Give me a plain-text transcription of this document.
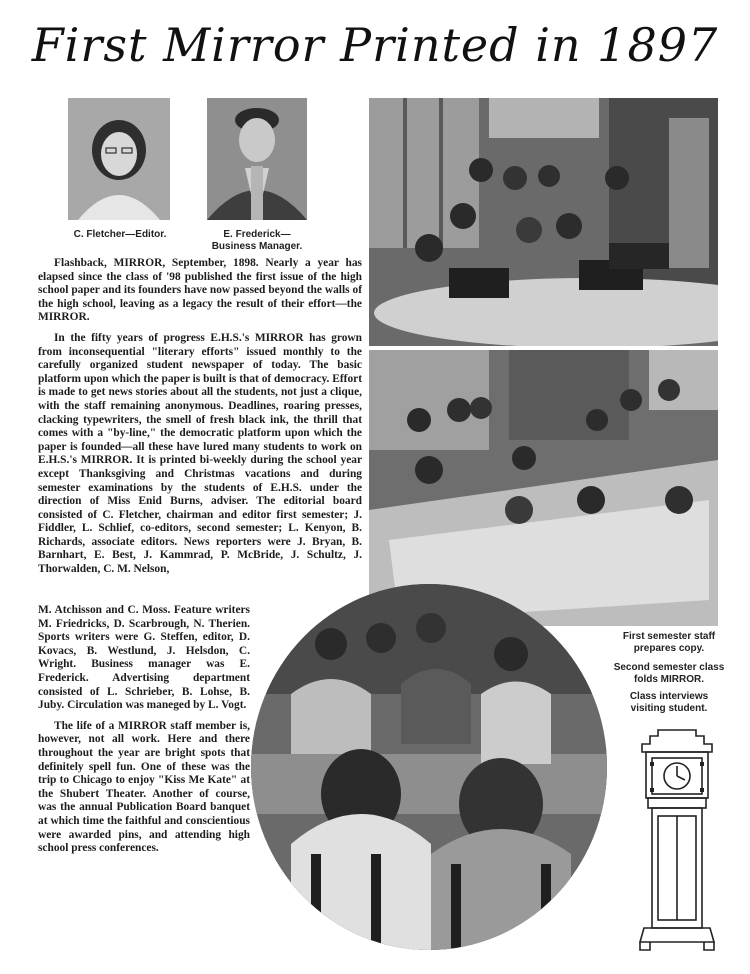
First Mirror Printed in 1897
C. Fletcher—Editor.	E. Frederick—
Business Manager.

Flashback, MIRROR, September, 1898. Nearly a year has elapsed since the class of '98 published the first issue of the high school paper and its founders have now passed beyond the walls of the high school, leaving as a legacy the result of their effort—the MIRROR.

In the fifty years of progress E.H.S.'s MIRROR has grown from inconsequential "literary efforts" issued monthly to the carefully organized student newspaper of today. The basic platform upon which the paper is built is that of democracy. Effort is made to get news stories about all the students, not just a clique, with the staff remaining anonymous. Deadlines, roaring presses, clacking typewriters, the smell of fresh black ink, the thrill that comes with a "by-line," the democratic platform upon which the paper is founded—all these have lured many students to work on E.H.S.'s MIRROR. It is printed bi-weekly during the school year except Thanksgiving and Christmas vacations and during semester examinations by the students of E.H.S. under the direction of Miss Enid Burns, adviser. The editorial board consisted of C. Fletcher, chairman and editor first semester; J. Fiddler, L. Schlief, co-editors, second semester; L. Kenyon, B. Richards, associate editors. News reporters were J. Bryan, B. Barnhart, E. Best, J. Kammrad, P. McBride, J. Schultz, J. Thorwalden, C. M. Nelson,

M. Atchisson and C. Moss. Feature writers M. Friedricks, D. Scarbrough, N. Therien. Sports writers were G. Steffen, editor, D. Kovacs, B. Westlund, J. Helsdon, C. Wright. Business manager was E. Frederick. Advertising department consisted of L. Schrieber, B. Lohse, B. Juby. Circulation was maneged by L. Vogt.

The life of a MIRROR staff member is, however, not all work. Here and there throughout the year are bright spots that definitely spell fun. One of these was the trip to Chicago to enjoy "Kiss Me Kate" at the Shubert Theater. Another of course, was the annual Publication Board banquet at which time the faithful and conscientious were awarded pins, and attending high school press conferences.

First semester staff
prepares copy.
Second semester class
folds MIRROR.
Class interviews
visiting student.
